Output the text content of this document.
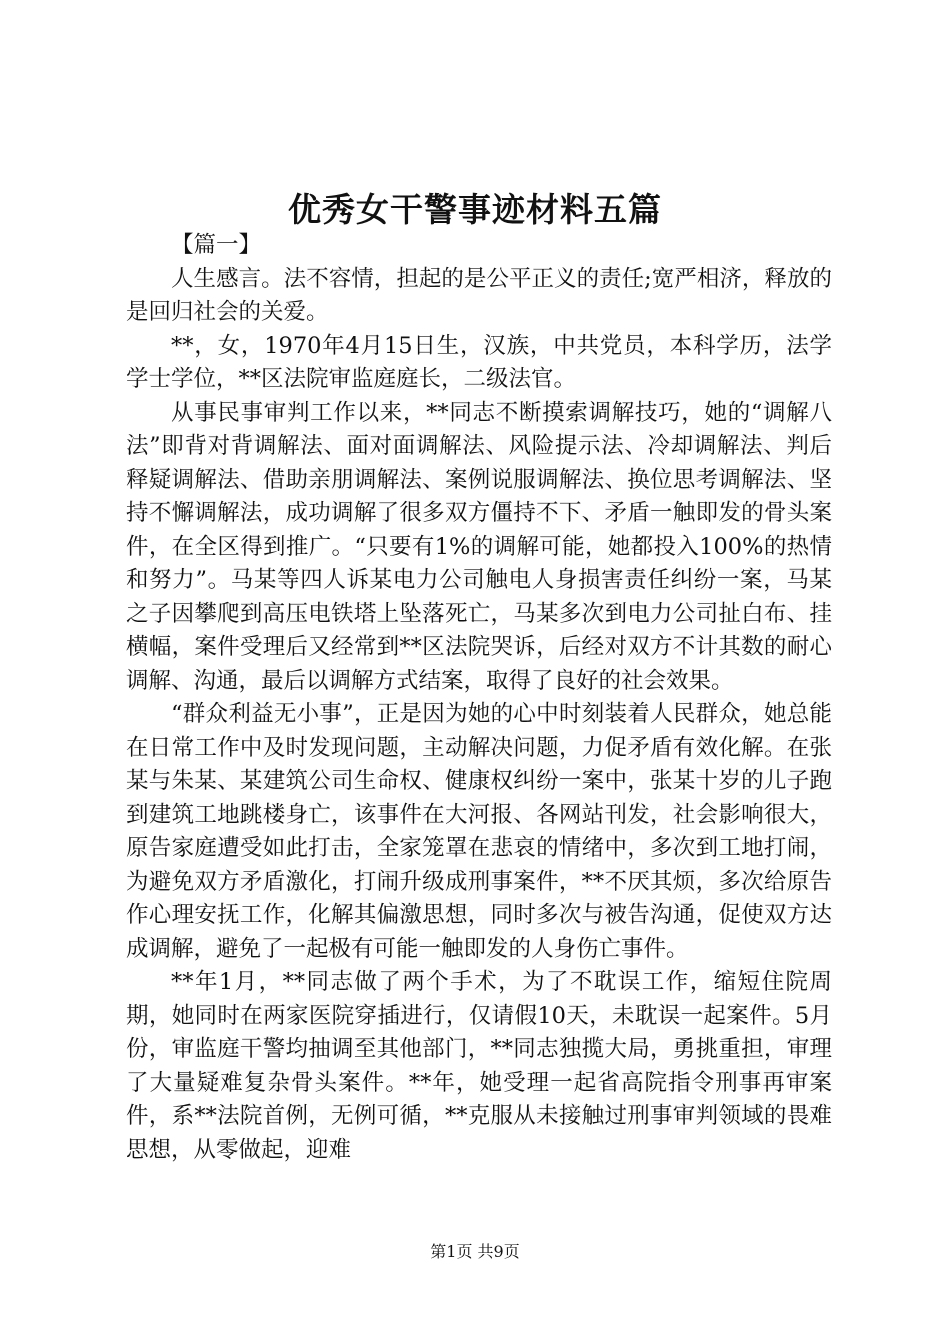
优秀女干警事迹材料五篇

【篇一】

人生感言。法不容情，担起的是公平正义的责任;宽严相济，释放的是回归社会的关爱。

**，女，1970年4月15日生，汉族，中共党员，本科学历，法学学士学位，**区法院审监庭庭长，二级法官。

从事民事审判工作以来，**同志不断摸索调解技巧，她的“调解八法”即背对背调解法、面对面调解法、风险提示法、冷却调解法、判后释疑调解法、借助亲朋调解法、案例说服调解法、换位思考调解法、坚持不懈调解法，成功调解了很多双方僵持不下、矛盾一触即发的骨头案件，在全区得到推广。“只要有1%的调解可能，她都投入100%的热情和努力”。马某等四人诉某电力公司触电人身损害责任纠纷一案，马某之子因攀爬到高压电铁塔上坠落死亡，马某多次到电力公司扯白布、挂横幅，案件受理后又经常到**区法院哭诉，后经对双方不计其数的耐心调解、沟通，最后以调解方式结案，取得了良好的社会效果。

“群众利益无小事”，正是因为她的心中时刻装着人民群众，她总能在日常工作中及时发现问题，主动解决问题，力促矛盾有效化解。在张某与朱某、某建筑公司生命权、健康权纠纷一案中，张某十岁的儿子跑到建筑工地跳楼身亡，该事件在大河报、各网站刊发，社会影响很大，原告家庭遭受如此打击，全家笼罩在悲哀的情绪中，多次到工地打闹，为避免双方矛盾激化，打闹升级成刑事案件，**不厌其烦，多次给原告作心理安抚工作，化解其偏激思想，同时多次与被告沟通，促使双方达成调解，避免了一起极有可能一触即发的人身伤亡事件。

**年1月，**同志做了两个手术，为了不耽误工作，缩短住院周期，她同时在两家医院穿插进行，仅请假10天，未耽误一起案件。5月份，审监庭干警均抽调至其他部门，**同志独揽大局，勇挑重担，审理了大量疑难复杂骨头案件。**年，她受理一起省高院指令刑事再审案件，系**法院首例，无例可循，**克服从未接触过刑事审判领域的畏难思想，从零做起，迎难

第1页 共9页
